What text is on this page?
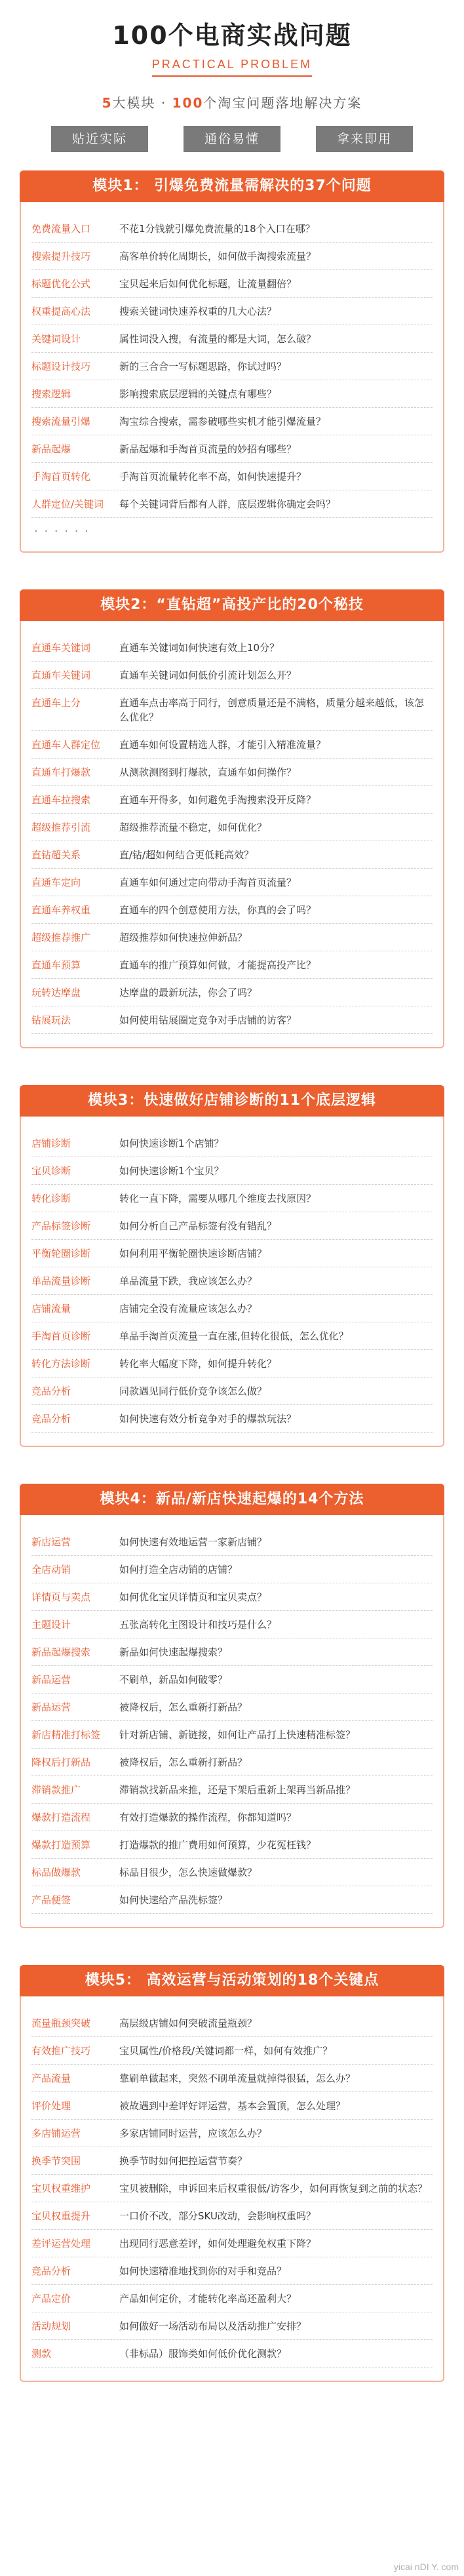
100个电商实战问题
PRACTICAL PROBLEM
5大模块 · 100个淘宝问题落地解决方案
贴近实际	通俗易懂	拿来即用
模块1： 引爆免费流量需解决的37个问题
免费流量入口	不花1分钱就引爆免费流量的18个入口在哪？
搜索提升技巧	高客单价转化周期长，如何做手淘搜索流量？
标题优化公式	宝贝起来后如何优化标题，让流量翻倍？
权重提高心法	搜索关键词快速养权重的几大心法？
关键词设计	属性词没入搜，有流量的都是大词，怎么破？
标题设计技巧	新的三合合一写标题思路，你试过吗？
搜索逻辑	影响搜索底层逻辑的关键点有哪些？
搜索流量引爆	淘宝综合搜索，需参破哪些实机才能引爆流量？
新品起爆	新品起爆和手淘首页流量的妙招有哪些？
手淘首页转化	手淘首页流量转化率不高，如何快速提升？
人群定位/关键词	每个关键词背后都有人群，底层逻辑你确定会吗？
· · · · · ·
模块2：“直钻超”高投产比的20个秘技
直通车关键词	直通车关键词如何快速有效上10分？
直通车关键词	直通车关键词如何低价引流计划怎么开？
直通车上分	直通车点击率高于同行，创意质量还是不满格，质量分越来越低，该怎么优化？
直通车人群定位	直通车如何设置精选人群，才能引入精准流量？
直通车打爆款	从测款测图到打爆款，直通车如何操作？
直通车拉搜索	直通车开得多，如何避免手淘搜索没开反降？
超级推荐引流	超级推荐流量不稳定，如何优化？
直钻超关系	直/钻/超如何结合更低耗高效？
直通车定向	直通车如何通过定向带动手淘首页流量？
直通车养权重	直通车的四个创意使用方法，你真的会了吗？
超级推荐推广	超级推荐如何快速拉伸新品？
直通车预算	直通车的推广预算如何做，才能提高投产比？
玩转达摩盘	达摩盘的最新玩法，你会了吗？
钻展玩法	如何使用钻展圈定竞争对手店铺的访客？
模块3：快速做好店铺诊断的11个底层逻辑
店铺诊断	如何快速诊断1个店铺？
宝贝诊断	如何快速诊断1个宝贝？
转化诊断	转化一直下降，需要从哪几个维度去找原因？
产品标签诊断	如何分析自己产品标签有没有错乱？
平衡轮圈诊断	如何利用平衡轮圈快速诊断店铺？
单品流量诊断	单品流量下跌，我应该怎么办？
店铺流量	店铺完全没有流量应该怎么办？
手淘首页诊断	单品手淘首页流量一直在涨,但转化很低，怎么优化？
转化方法诊断	转化率大幅度下降，如何提升转化？
竞品分析	同款遇见同行低价竞争该怎么做？
竞品分析	如何快速有效分析竞争对手的爆款玩法？
模块4：新品/新店快速起爆的14个方法
新店运营	如何快速有效地运营一家新店铺？
全店动销	如何打造全店动销的店铺？
详情页与卖点	如何优化宝贝详情页和宝贝卖点？
主题设计	五张高转化主图设计和技巧是什么？
新品起爆搜索	新品如何快速起爆搜索？
新品运营	不刷单，新品如何破零？
新品运营	被降权后，怎么重新打新品？
新店精准打标签	针对新店铺、新链接，如何让产品打上快速精准标签？
降权后打新品	被降权后，怎么重新打新品？
滞销款推广	滞销款找新品来推，还是下架后重新上架再当新品推？
爆款打造流程	有效打造爆款的操作流程，你都知道吗？
爆款打造预算	打造爆款的推广费用如何预算，少花冤枉钱？
标品做爆款	标品目很少，怎么快速做爆款？
产品便签	如何快速给产品洗标签？
模块5： 高效运营与活动策划的18个关键点
流量瓶颈突破	高层级店铺如何突破流量瓶颈？
有效推广技巧	宝贝属性/价格段/关键词都一样，如何有效推广？
产品流量	靠刷单做起来，突然不刷单流量就掉得很猛，怎么办？
评价处理	被故遇到中差评好评运营，基本会置顶，怎么处理？
多店铺运营	多家店铺同时运营，应该怎么办？
换季节突围	换季节时如何把控运营节奏？
宝贝权重维护	宝贝被删除，申诉回来后权重很低/访客少，如何再恢复到之前的状态？
宝贝权重提升	一口价不改，部分SKU改动，会影响权重吗？
差评运营处理	出现同行恶意差评，如何处理避免权重下降？
竞品分析	如何快速精准地找到你的对手和竞品？
产品定价	产品如何定价，才能转化率高还盈利大？
活动规划	如何做好一场活动布局以及活动推广安排？
测款	（非标品）服饰类如何低价优化测款？
yicai nDI Y. com
